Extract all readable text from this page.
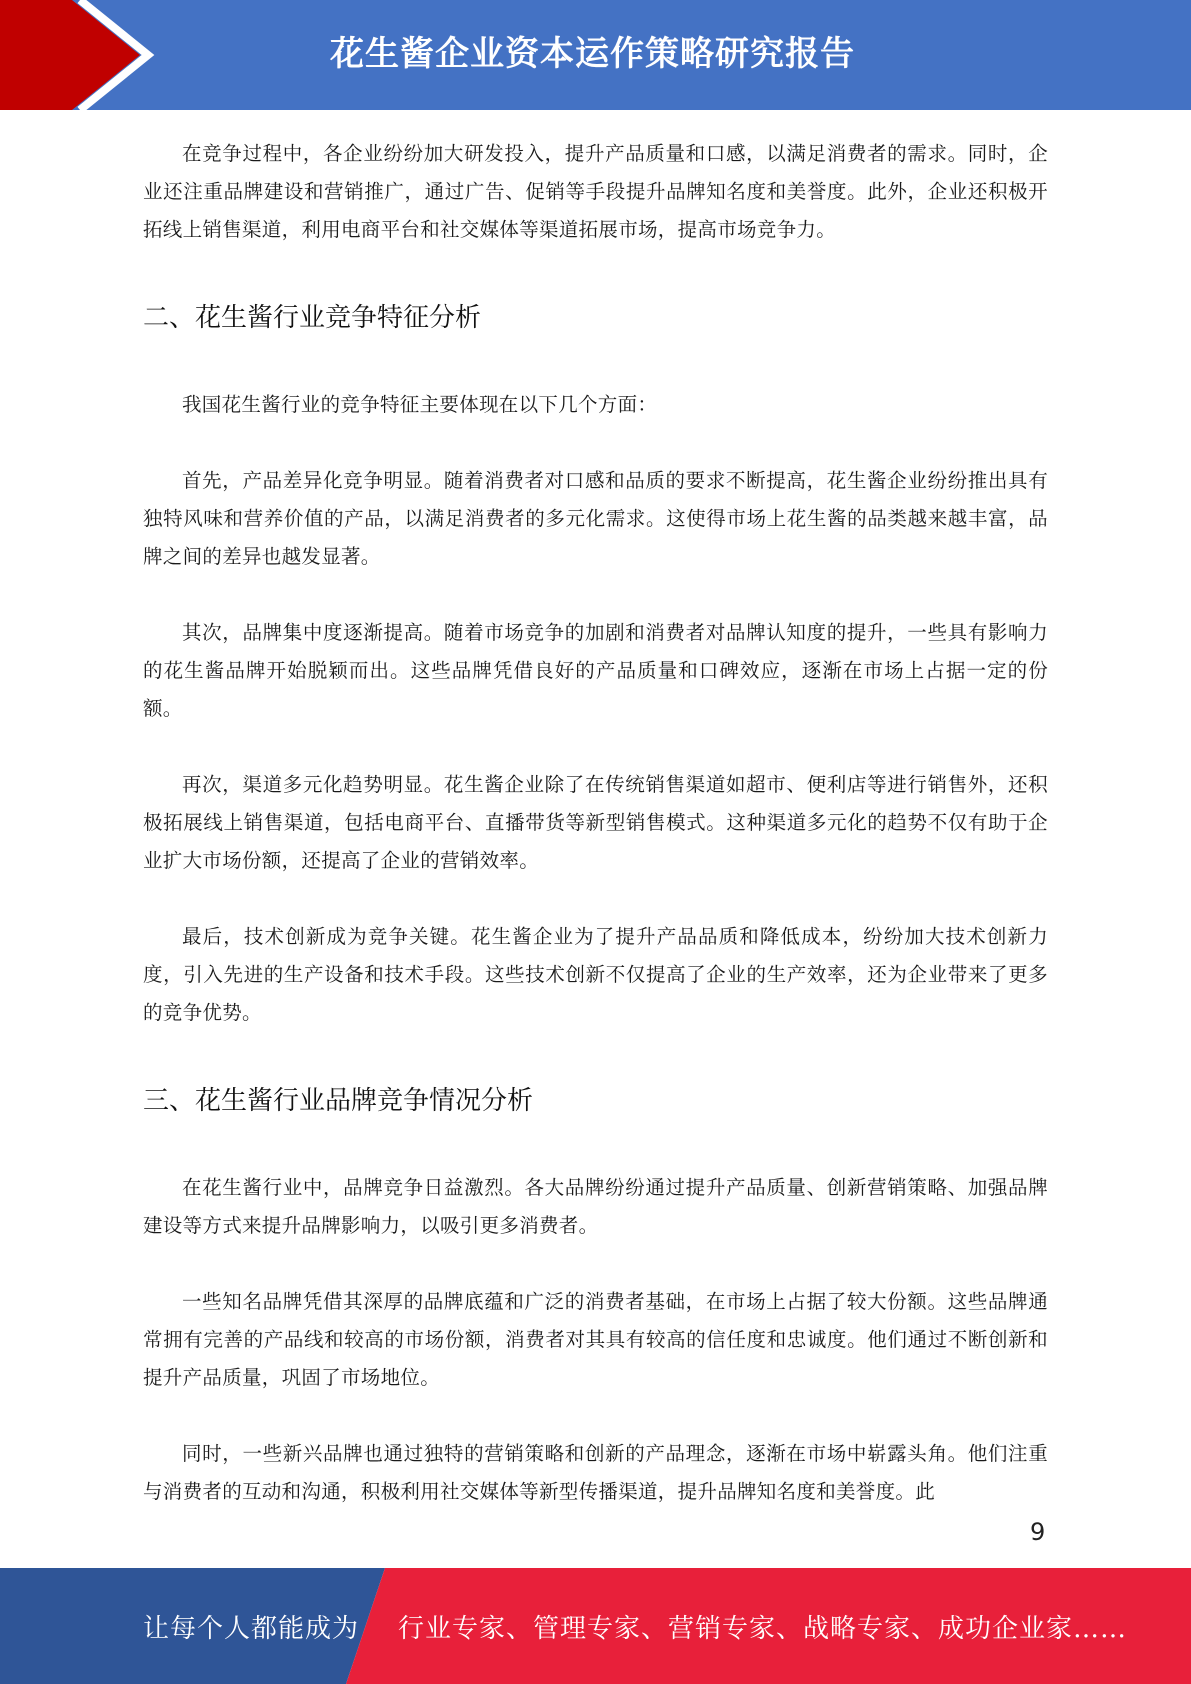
花生酱企业资本运作策略研究报告

在竞争过程中，各企业纷纷加大研发投入，提升产品质量和口感，以满足消费者的需求。同时，企业还注重品牌建设和营销推广，通过广告、促销等手段提升品牌知名度和美誉度。此外，企业还积极开拓线上销售渠道，利用电商平台和社交媒体等渠道拓展市场，提高市场竞争力。

二、花生酱行业竞争特征分析

我国花生酱行业的竞争特征主要体现在以下几个方面：

首先，产品差异化竞争明显。随着消费者对口感和品质的要求不断提高，花生酱企业纷纷推出具有独特风味和营养价值的产品，以满足消费者的多元化需求。这使得市场上花生酱的品类越来越丰富，品牌之间的差异也越发显著。

其次，品牌集中度逐渐提高。随着市场竞争的加剧和消费者对品牌认知度的提升，一些具有影响力的花生酱品牌开始脱颖而出。这些品牌凭借良好的产品质量和口碑效应，逐渐在市场上占据一定的份额。

再次，渠道多元化趋势明显。花生酱企业除了在传统销售渠道如超市、便利店等进行销售外，还积极拓展线上销售渠道，包括电商平台、直播带货等新型销售模式。这种渠道多元化的趋势不仅有助于企业扩大市场份额，还提高了企业的营销效率。

最后，技术创新成为竞争关键。花生酱企业为了提升产品品质和降低成本，纷纷加大技术创新力度，引入先进的生产设备和技术手段。这些技术创新不仅提高了企业的生产效率，还为企业带来了更多的竞争优势。

三、花生酱行业品牌竞争情况分析

在花生酱行业中，品牌竞争日益激烈。各大品牌纷纷通过提升产品质量、创新营销策略、加强品牌建设等方式来提升品牌影响力，以吸引更多消费者。

一些知名品牌凭借其深厚的品牌底蕴和广泛的消费者基础，在市场上占据了较大份额。这些品牌通常拥有完善的产品线和较高的市场份额，消费者对其具有较高的信任度和忠诚度。他们通过不断创新和提升产品质量，巩固了市场地位。

同时，一些新兴品牌也通过独特的营销策略和创新的产品理念，逐渐在市场中崭露头角。他们注重与消费者的互动和沟通，积极利用社交媒体等新型传播渠道，提升品牌知名度和美誉度。此

9
让每个人都能成为 行业专家、管理专家、营销专家、战略专家、成功企业家……
